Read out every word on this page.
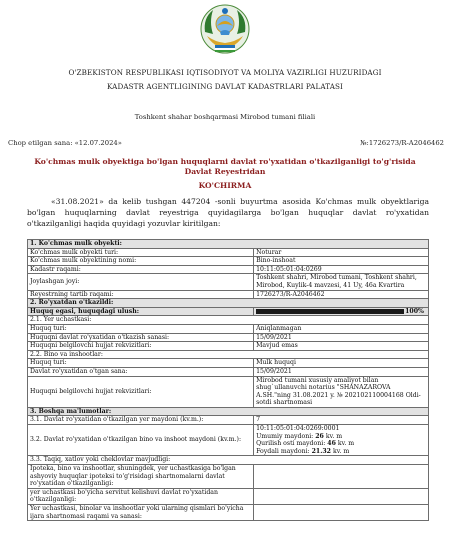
O'ZBEKISTON RESPUBLIKASI IQTISODIYOT VA MOLIYA VAZIRLIGI HUZURIDAGI
KADASTR AGENTLIGINING DAVLAT KADASTRLARI PALATASI
Toshkent shahar boshqarmasi Mirobod tumani filiali
Chop etilgan sana: «12.07.2024»	№:1726273/R-A2046462
Ko'chmas mulk obyektiga bo'lgan huquqlarni davlat ro'yxatidan o'tkazilganligi to'g'risida Davlat Reyestridan
KO'CHIRMA
«31.08.2021» da kelib tushgan 447204 -sonli buyurtma asosida Ko'chmas mulk obyektlariga bo'lgan huquqlarning davlat reyestriga quyidagilarga bo'lgan huquqlar davlat ro'yxatidan o'tkazilganligi haqida quyidagi yozuvlar kiritilgan:
1. Ko'chmas mulk obyekti:	
Ko'chmas mulk obyekti turi:	Noturar
Ko'chmas mulk obyektining nomi:	Bino-inshoat
Kadastr raqami:	10:11:05:01:04:0269
Joylashgan joyi:	Toshkent shahri, Mirobod tumani, Toshkent shahri, Mirobod, Kuylik-4 mavzesi, 41 Uy, 46a Kvartira
Reyestrning tartib raqami:	1726273/R-A2046462
2. Ro'yxatdan o'tkazildi:	
Huquq egasi, huquqdagi ulush:	100%
2.1. Yer uchastkasi:	
Huquq turi:	Aniqlanmagan
Huquqni davlat ro'yxatidan o'tkazish sanasi:	15/09/2021
Huquqni belgilovchi hujjat rekvizitlari:	Mavjud emas
2.2. Bino va inshootlar:	
Huquq turi:	Mulk huquqi
Davlat ro'yxatidan o'tgan sana:	15/09/2021
Huquqni belgilovchi hujjat rekvizitlari:	Mirobod tumani xususiy amaliyot bilan shug`ullanuvchi notarius "SHANAZAROVA A.SH."ning 31.08.2021 y. № 202102110004168 Oldi-sotdi shartnomasi
3. Boshqa ma'lumotlar:	
3.1. Davlat ro'yxatidan o'tkazilgan yer maydoni (kv.m.):	7
3.2. Davlat ro'yxatidan o'tkazilgan bino va inshoot maydoni (kv.m.):	10:11:05:01:04:0269:0001
Umumiy maydoni: 26 kv. m
Qurilish osti maydoni: 46 kv. m
Foydali maydoni: 21.32 kv. m

3.3. Taqiq, xatlov yoki cheklovlar mavjudligi:	
Ipoteka, bino va inshootlar, shuningdek, yer uchastkasiga bo'lgan ashyoviy huquqlar ipoteksi to'g'risidagi shartnomalarni davlat ro'yxatidan o'tkazilganligi:	
yer uchastkasi bo'yicha servitut kelishuvi davlat ro'yxatidan o'tkazilganligi:	
Yer uchastkasi, binolar va inshootlar yoki ularning qismlari bo'yicha ijara shartnomasi raqami va sanasi:	
